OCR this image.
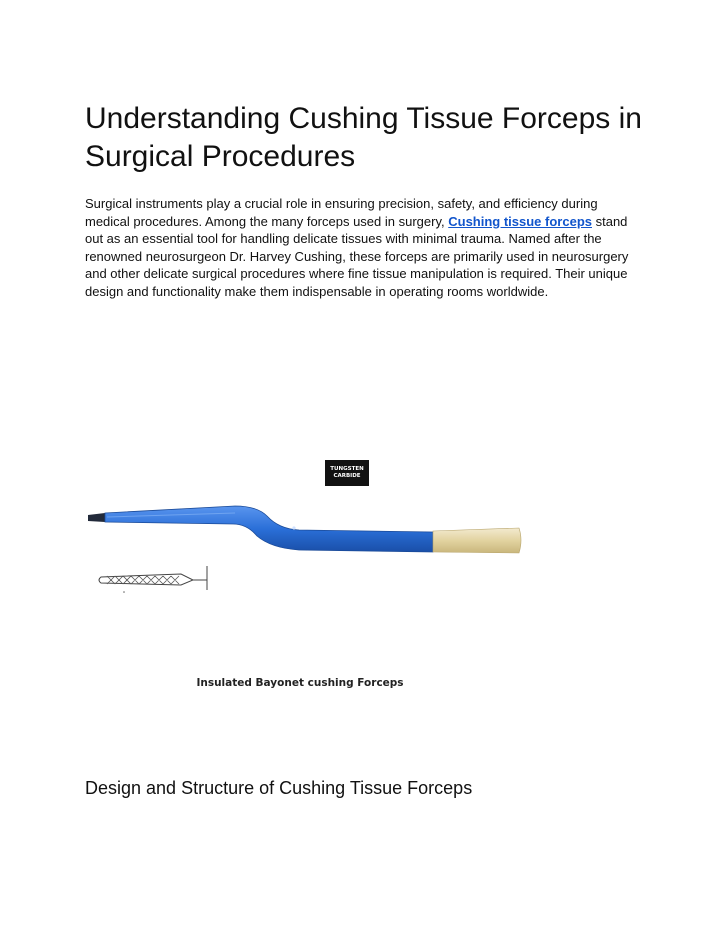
Understanding Cushing Tissue Forceps in Surgical Procedures

Surgical instruments play a crucial role in ensuring precision, safety, and efficiency during medical procedures. Among the many forceps used in surgery, Cushing tissue forceps stand out as an essential tool for handling delicate tissues with minimal trauma. Named after the renowned neurosurgeon Dr. Harvey Cushing, these forceps are primarily used in neurosurgery and other delicate surgical procedures where fine tissue manipulation is required. Their unique design and functionality make them indispensable in operating rooms worldwide.

TUNGSTEN
CARBIDE
Insulated Bayonet cushing Forceps
Design and Structure of Cushing Tissue Forceps
